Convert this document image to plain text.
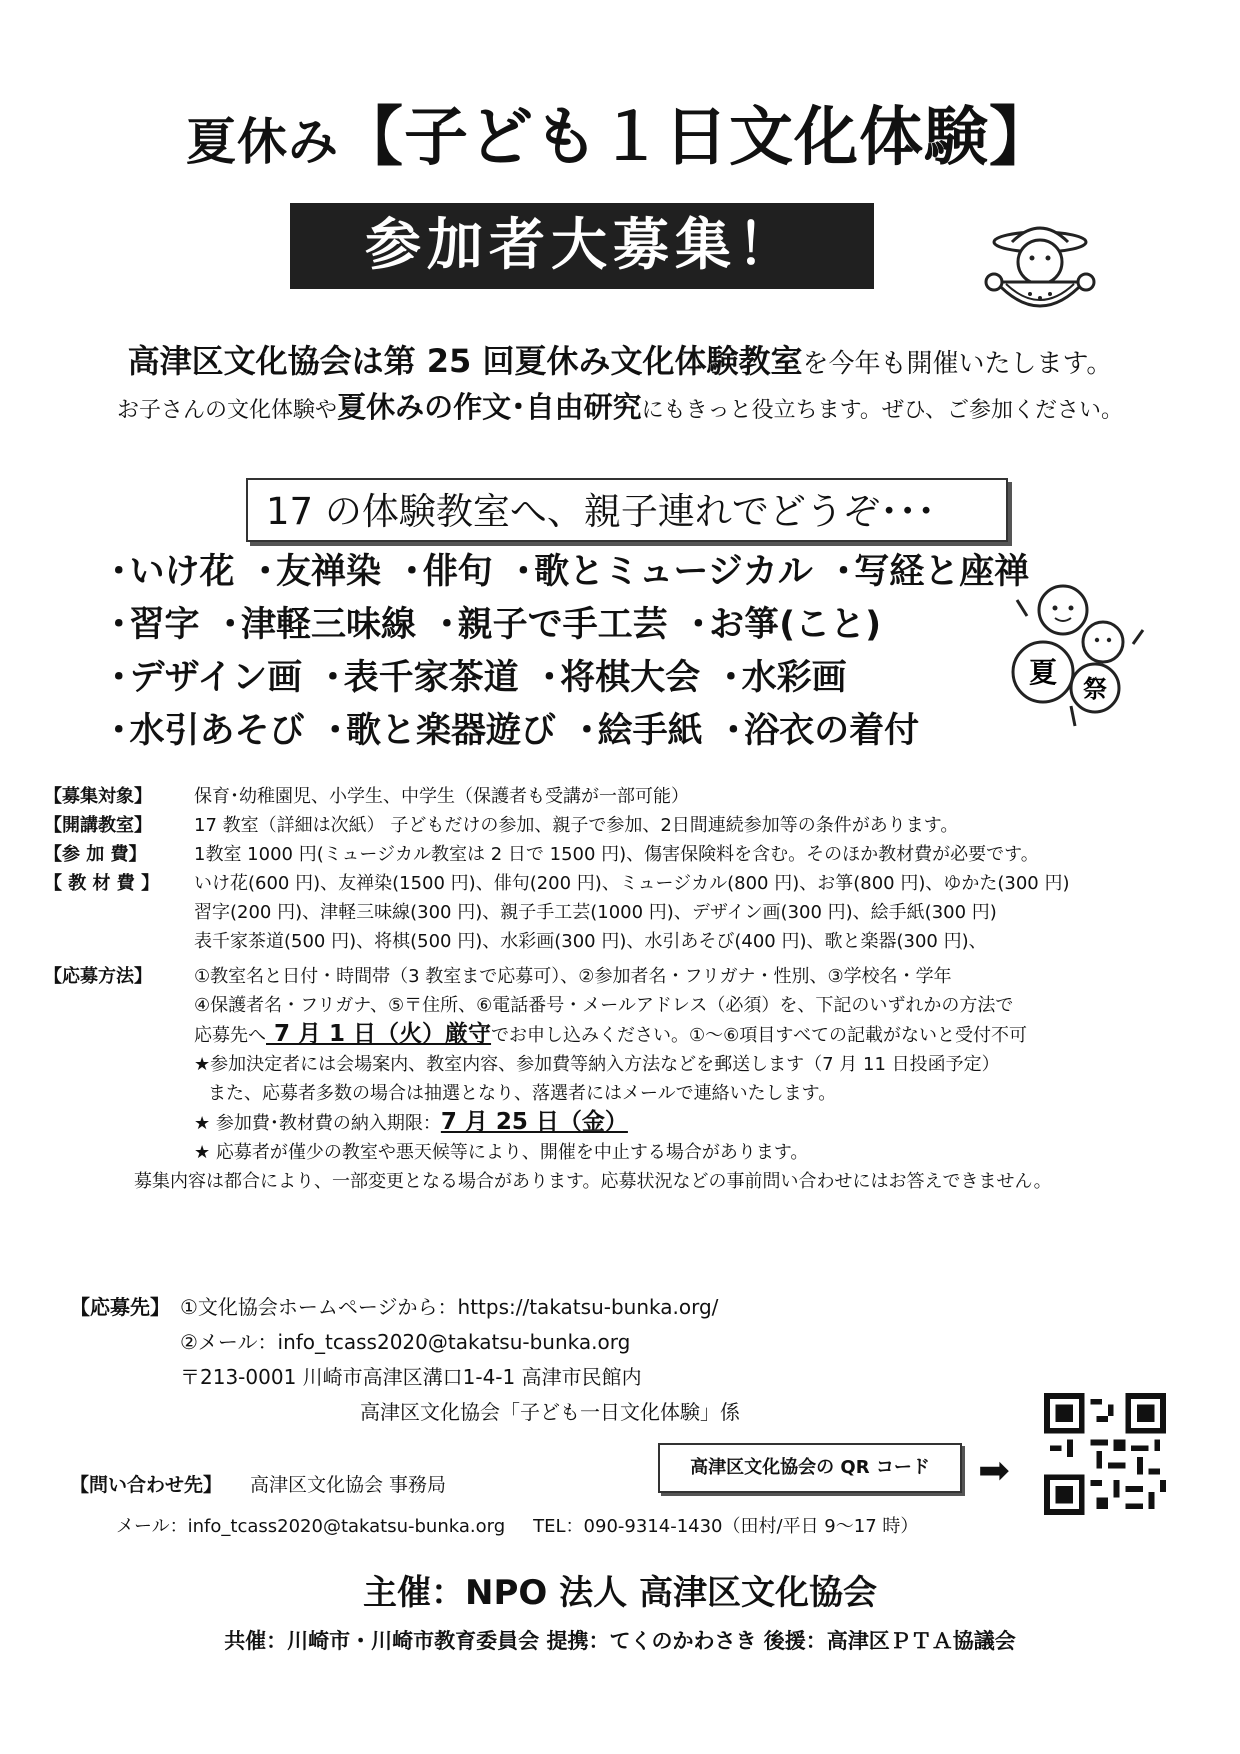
夏休み【子ども１日文化体験】
参加者大募集！
高津区文化協会は第 25 回夏休み文化体験教室を今年も開催いたします。
お子さんの文化体験や夏休みの作文･自由研究にもきっと役立ちます。ぜひ、ご参加ください。
17 の体験教室へ、親子連れでどうぞ･･･
･ いけ花 ･ 友禅染 ･ 俳句 ･ 歌とミュージカル ･ 写経と座禅
･ 習字 ･ 津軽三味線 ･ 親子で手工芸 ･ お箏(こと)
･ デザイン画 ･ 表千家茶道 ･ 将棋大会 ･ 水彩画
･ 水引あそび ･ 歌と楽器遊び ･ 絵手紙 ･ 浴衣の着付
夏 祭
【募集対象】	保育･幼稚園児、小学生、中学生（保護者も受講が一部可能）
【開講教室】	17 教室（詳細は次紙） 子どもだけの参加、親子で参加、2日間連続参加等の条件があります。
【参 加 費】	1教室 1000 円(ミュージカル教室は 2 日で 1500 円)、傷害保険料を含む。そのほか教材費が必要です。
【 教 材 費 】	いけ花(600 円)、友禅染(1500 円)、俳句(200 円)、ミュージカル(800 円)、お箏(800 円)、ゆかた(300 円)
習字(200 円)、津軽三味線(300 円)、親子手工芸(1000 円)、デザイン画(300 円)、絵手紙(300 円)
表千家茶道(500 円)、将棋(500 円)、水彩画(300 円)、水引あそび(400 円)、歌と楽器(300 円)、
【応募方法】	①教室名と日付・時間帯（3 教室まで応募可）、②参加者名・フリガナ・性別、③学校名・学年
④保護者名・フリガナ、⑤〒住所、⑥電話番号・メールアドレス（必須）を、下記のいずれかの方法で
応募先へ 7 月 1 日（火）厳守でお申し込みください。①～⑥項目すべての記載がないと受付不可
★参加決定者には会場案内、教室内容、参加費等納入方法などを郵送します（7 月 11 日投函予定）
また、応募者多数の場合は抽選となり、落選者にはメールで連絡いたします。
★ 参加費･教材費の納入期限：7 月 25 日（金）
★ 応募者が僅少の教室や悪天候等により、開催を中止する場合があります。
募集内容は都合により、一部変更となる場合があります。応募状況などの事前問い合わせにはお答えできません。
【応募先】 ①文化協会ホームページから：https://takatsu-bunka.org/
②メール：info_tcass2020@takatsu-bunka.org
〒213-0001 川崎市高津区溝口1-4-1 高津市民館内
高津区文化協会「子ども一日文化体験」係
高津区文化協会の QR コード	➡
【問い合わせ先】 高津区文化協会 事務局
メール：info_tcass2020@takatsu-bunka.org TEL：090-9314-1430（田村/平日 9～17 時）
主催：NPO 法人 高津区文化協会
共催：川崎市・川崎市教育委員会 提携：てくのかわさき 後援：高津区ＰＴＡ協議会
